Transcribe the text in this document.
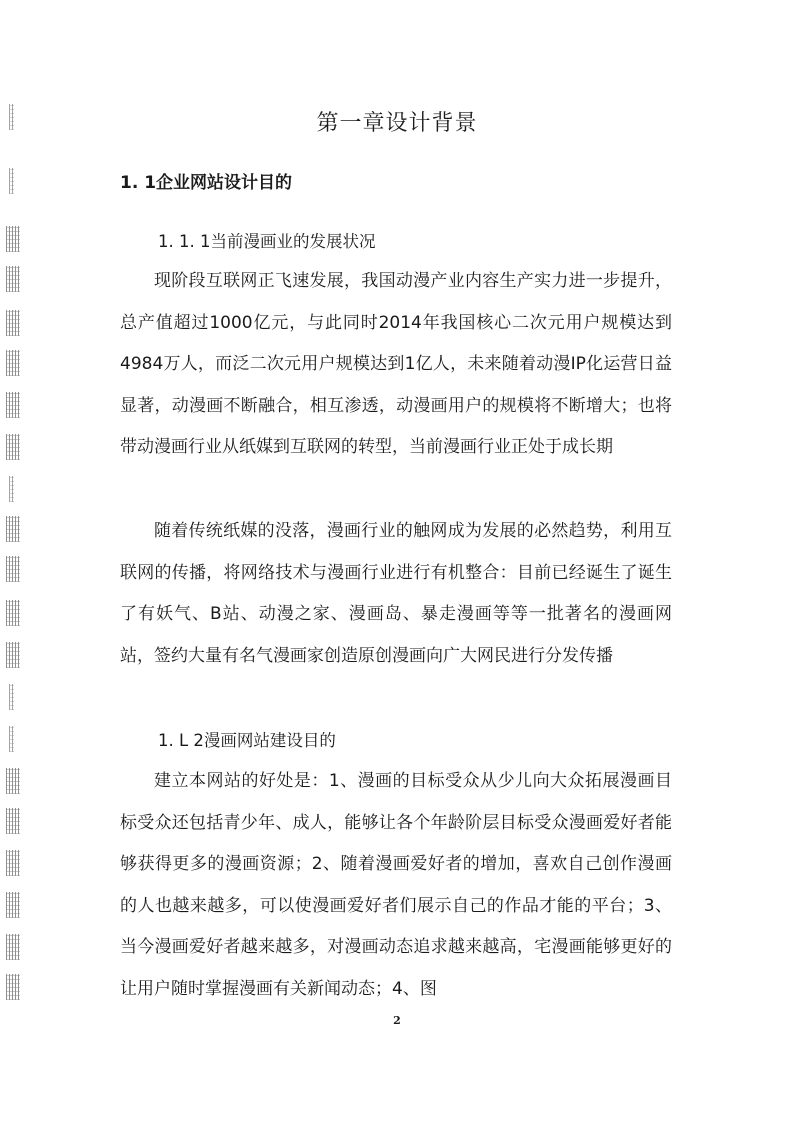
第一章设计背景
1. 1企业网站设计目的
1. 1. 1当前漫画业的发展状况
现阶段互联网正飞速发展，我国动漫产业内容生产实力进一步提升，总产值超过1000亿元，与此同时2014年我国核心二次元用户规模达到4984万人，而泛二次元用户规模达到1亿人，未来随着动漫IP化运营日益显著，动漫画不断融合，相互渗透，动漫画用户的规模将不断增大；也将带动漫画行业从纸媒到互联网的转型，当前漫画行业正处于成长期
随着传统纸媒的没落，漫画行业的触网成为发展的必然趋势，利用互联网的传播，将网络技术与漫画行业进行有机整合：目前已经诞生了诞生了有妖气、B站、动漫之家、漫画岛、暴走漫画等等一批著名的漫画网站，签约大量有名气漫画家创造原创漫画向广大网民进行分发传播
1. L 2漫画网站建设目的
建立本网站的好处是：1、漫画的目标受众从少儿向大众拓展漫画目标受众还包括青少年、成人，能够让各个年龄阶层目标受众漫画爱好者能够获得更多的漫画资源；2、随着漫画爱好者的增加，喜欢自己创作漫画的人也越来越多，可以使漫画爱好者们展示自己的作品才能的平台；3、当今漫画爱好者越来越多，对漫画动态追求越来越高，宅漫画能够更好的让用户随时掌握漫画有关新闻动态；4、图
2
